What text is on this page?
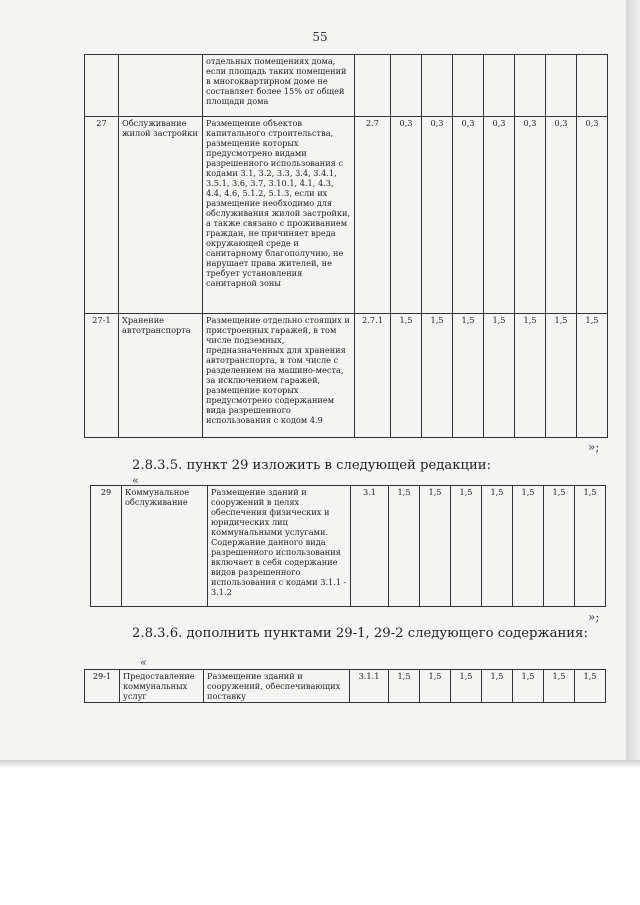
55
		отдельных помещениях дома, если площадь таких помещений в многоквартирном доме не составляет более 15% от общей площади дома								
27	Обслуживание жилой застройки	Размещение объектов капитального строительства, размещение которых предусмотрено видами разрешенного использования с кодами 3.1, 3.2, 3.3, 3.4, 3.4.1, 3.5.1, 3.6, 3.7, 3.10.1, 4.1, 4.3, 4.4, 4.6, 5.1.2, 5.1.3, если их размещение необходимо для обслуживания жилой застройки, а также связано с проживанием граждан, не причиняет вреда окружающей среде и санитарному благополучию, не нарушает права жителей, не требует установления санитарной зоны	2.7	0,3	0,3	0,3	0,3	0,3	0,3	0,3
27-1	Хранение автотранспорта	Размещение отдельно стоящих и пристроенных гаражей, в том числе подземных, предназначенных для хранения автотранспорта, в том числе с разделением на машино-места, за исключением гаражей, размещение которых предусмотрено содержанием вида разрешенного использования с кодом 4.9	2.7.1	1,5	1,5	1,5	1,5	1,5	1,5	1,5
»;
2.8.3.5. пункт 29 изложить в следующей редакции:
«
29	Коммунальное обслуживание	Размещение зданий и сооружений в целях обеспечения физических и юридических лиц коммунальными услугами. Содержание данного вида разрешенного использования включает в себя содержание видов разрешенного использования с кодами 3.1.1 - 3.1.2	3.1	1,5	1,5	1,5	1,5	1,5	1,5	1,5
»;
2.8.3.6. дополнить пунктами 29-1, 29-2 следующего содержания:
«
29-1	Предоставление коммунальных услуг	Размещение зданий и сооружений, обеспечивающих поставку	3.1.1	1,5	1,5	1,5	1,5	1,5	1,5	1,5
